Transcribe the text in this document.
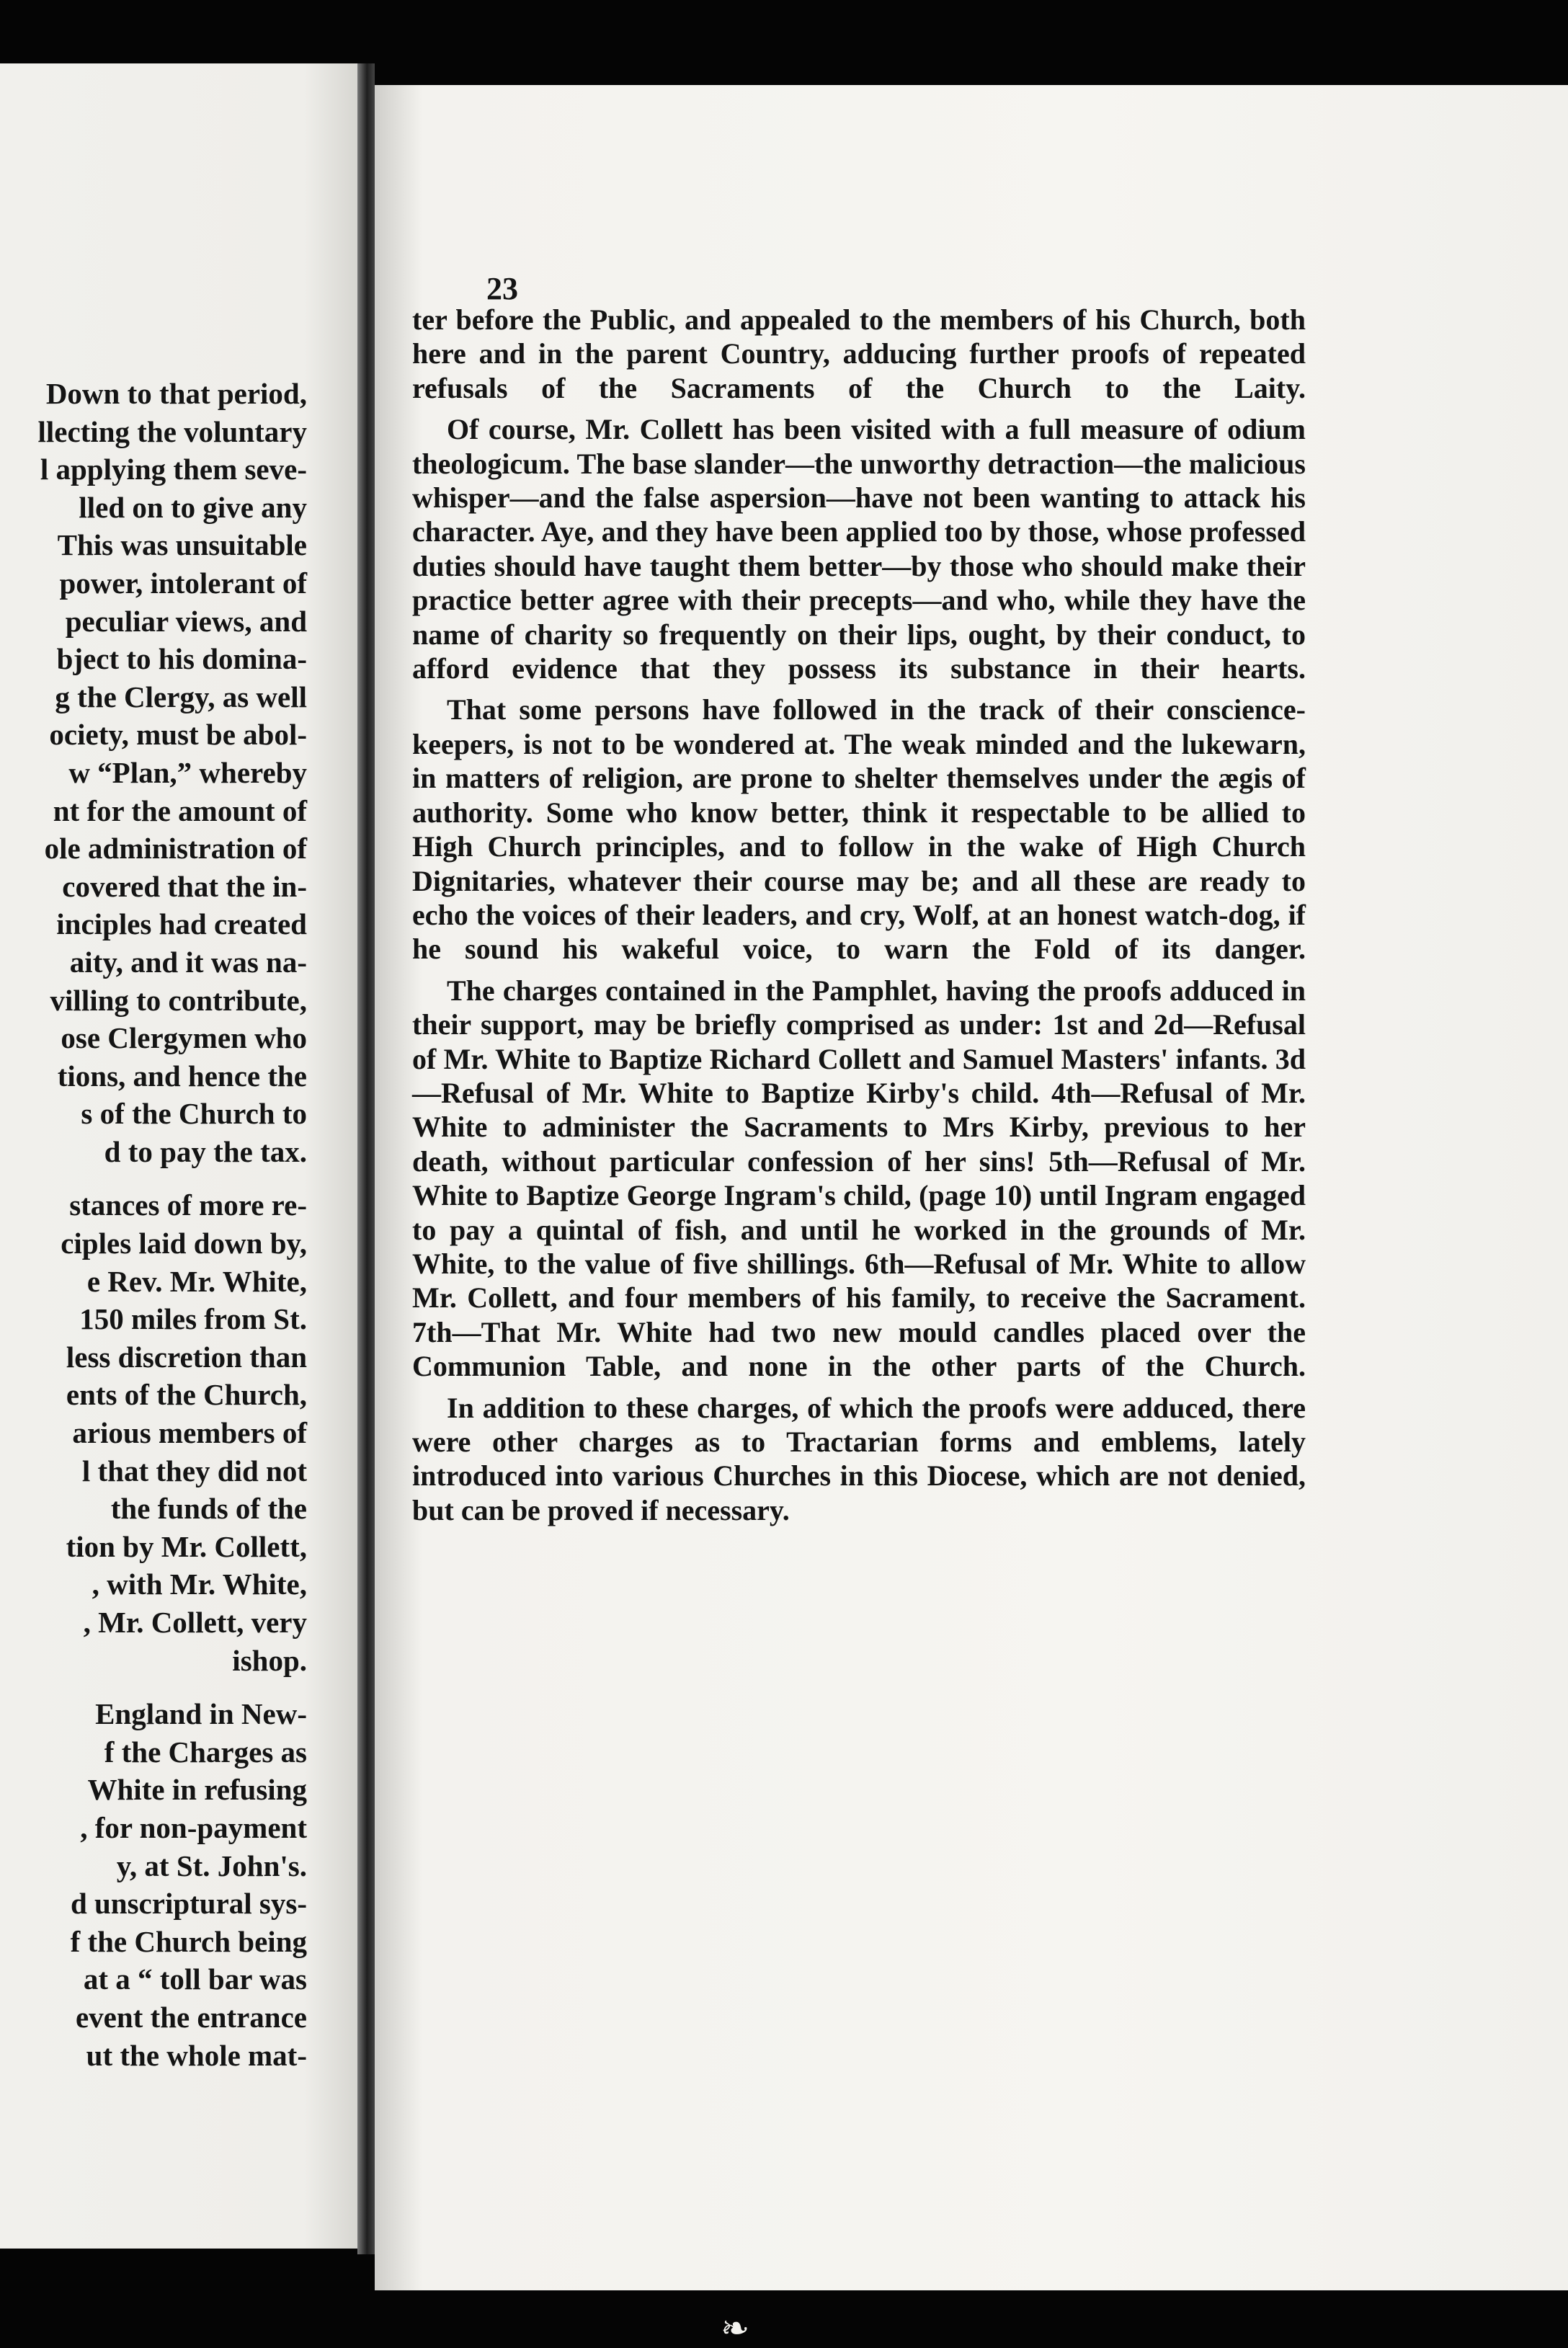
Down to that period,
llecting the voluntary
l applying them seve-
lled on to give any
This was unsuitable
power, intolerant of
peculiar views, and
bject to his domina-
g the Clergy, as well
ociety, must be abol-
w “Plan,” whereby
nt for the amount of
ole administration of
covered that the in-
inciples had created
aity, and it was na-
villing to contribute,
ose Clergymen who
tions, and hence the
s of the Church to
d to pay the tax.
stances of more re-
ciples laid down by,
e Rev. Mr. White,
150 miles from St.
less discretion than
ents of the Church,
arious members of
l that they did not
the funds of the
tion by Mr. Collett,
, with Mr. White,
, Mr. Collett, very
ishop.
England in New-
f the Charges as
White in refusing
, for non-payment
y, at St. John's.
d unscriptural sys-
f the Church being
at a “ toll bar was
event the entrance
ut the whole mat-
23

ter before the Public, and appealed to the members of his Church, both here and in the parent Country, adducing further proofs of repeated refusals of the Sacraments of the Church to the Laity.

Of course, Mr. Collett has been visited with a full measure of odium theologicum. The base slander—the unworthy detraction—the malicious whisper—and the false aspersion—have not been wanting to attack his character. Aye, and they have been applied too by those, whose professed duties should have taught them better—by those who should make their practice better agree with their precepts—and who, while they have the name of charity so frequently on their lips, ought, by their conduct, to afford evidence that they possess its substance in their hearts.

That some persons have followed in the track of their conscience-keepers, is not to be wondered at. The weak minded and the lukewarn, in matters of religion, are prone to shelter themselves under the ægis of authority. Some who know better, think it respectable to be allied to High Church principles, and to follow in the wake of High Church Dignitaries, whatever their course may be; and all these are ready to echo the voices of their leaders, and cry, Wolf, at an honest watch-dog, if he sound his wakeful voice, to warn the Fold of its danger.

The charges contained in the Pamphlet, having the proofs adduced in their support, may be briefly comprised as under: 1st and 2d—Refusal of Mr. White to Baptize Richard Collett and Samuel Masters' infants. 3d—Refusal of Mr. White to Baptize Kirby's child. 4th—Refusal of Mr. White to administer the Sacraments to Mrs Kirby, previous to her death, without particular confession of her sins! 5th—Refusal of Mr. White to Baptize George Ingram's child, (page 10) until Ingram engaged to pay a quintal of fish, and until he worked in the grounds of Mr. White, to the value of five shillings. 6th—Refusal of Mr. White to allow Mr. Collett, and four members of his family, to receive the Sacrament. 7th—That Mr. White had two new mould candles placed over the Communion Table, and none in the other parts of the Church.

In addition to these charges, of which the proofs were adduced, there were other charges as to Tractarian forms and emblems, lately introduced into various Churches in this Diocese, which are not denied, but can be proved if necessary.

❧
